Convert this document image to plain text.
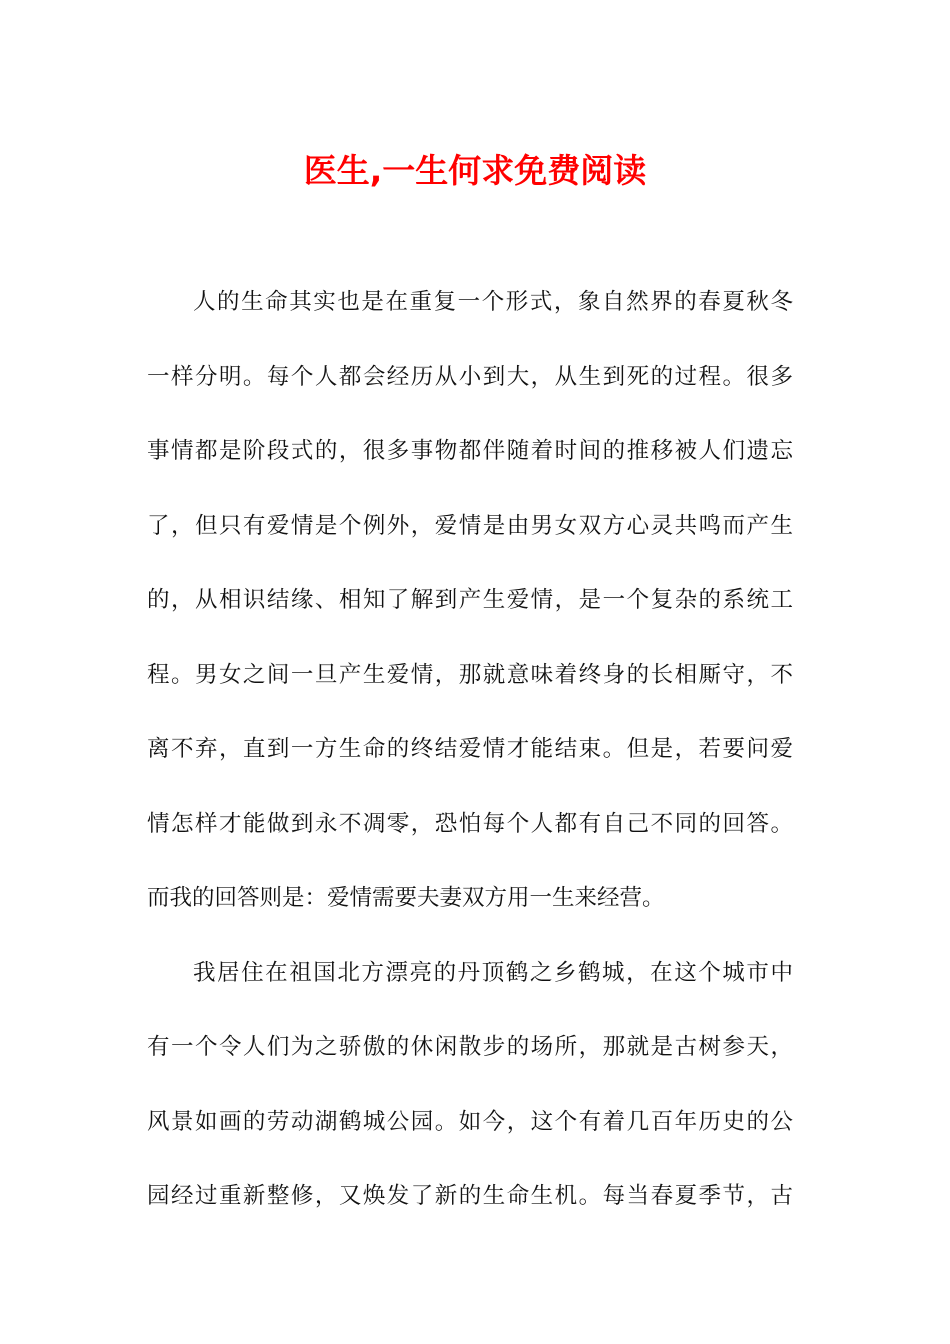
医生,一生何求免费阅读
人的生命其实也是在重复一个形式，象自然界的春夏秋冬
一样分明。每个人都会经历从小到大，从生到死的过程。很多
事情都是阶段式的，很多事物都伴随着时间的推移被人们遗忘
了，但只有爱情是个例外，爱情是由男女双方心灵共鸣而产生
的，从相识结缘、相知了解到产生爱情，是一个复杂的系统工
程。男女之间一旦产生爱情，那就意味着终身的长相厮守，不
离不弃，直到一方生命的终结爱情才能结束。但是，若要问爱
情怎样才能做到永不凋零，恐怕每个人都有自己不同的回答。
而我的回答则是：爱情需要夫妻双方用一生来经营。
我居住在祖国北方漂亮的丹顶鹤之乡鹤城，在这个城市中
有一个令人们为之骄傲的休闲散步的场所，那就是古树参天，
风景如画的劳动湖鹤城公园。如今，这个有着几百年历史的公
园经过重新整修，又焕发了新的生命生机。每当春夏季节，古
